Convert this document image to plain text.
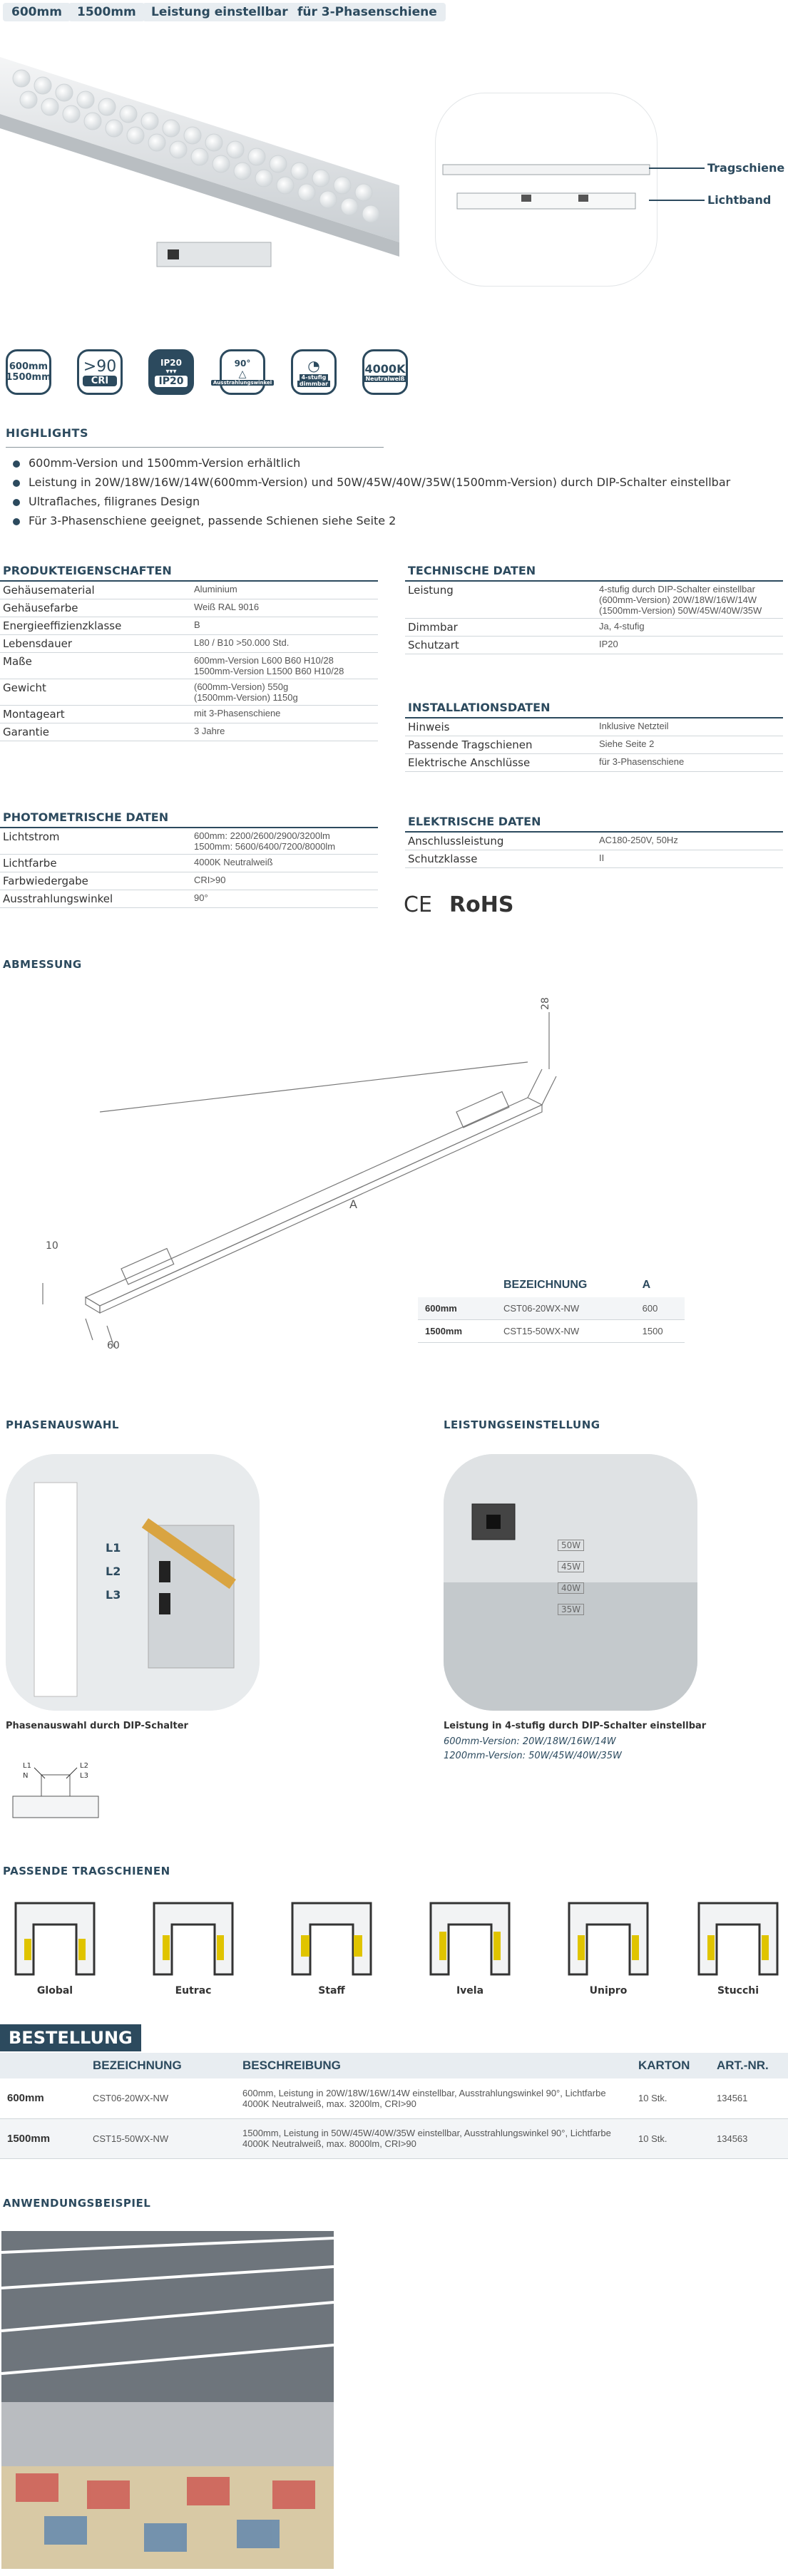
600mm	1500mm	Leistung einstellbar für 3-Phasenschiene
Tragschiene
Lichtband
600mm
1500mm
>90
CRI
IP20
▾▾▾
IP20
90°
△
Ausstrahlungswinkel
◔
4-stufig
dimmbar
4000K
Neutralweiß
HIGHLIGHTS
600mm-Version und 1500mm-Version erhältlich
Leistung in 20W/18W/16W/14W(600mm-Version) und 50W/45W/40W/35W(1500mm-Version) durch DIP-Schalter einstellbar
Ultraflaches, filigranes Design
Für 3-Phasenschiene geeignet, passende Schienen siehe Seite 2
PRODUKTEIGENSCHAFTEN	
Gehäusematerial	Aluminium
Gehäusefarbe	Weiß RAL 9016
Energieeffizienzklasse	B
Lebensdauer	L80 / B10 >50.000 Std.
Maße	600mm-Version L600 B60 H10/28
1500mm-Version L1500 B60 H10/28
Gewicht	(600mm-Version) 550g
(1500mm-Version) 1150g
Montageart	mit 3-Phasenschiene
Garantie	3 Jahre
TECHNISCHE DATEN	
Leistung	4-stufig durch DIP-Schalter einstellbar
(600mm-Version) 20W/18W/16W/14W
(1500mm-Version) 50W/45W/40W/35W
Dimmbar	Ja, 4-stufig
Schutzart	IP20
INSTALLATIONSDATEN	
Hinweis	Inklusive Netzteil
Passende Tragschienen	Siehe Seite 2
Elektrische Anschlüsse	für 3-Phasenschiene
PHOTOMETRISCHE DATEN	
Lichtstrom	600mm: 2200/2600/2900/3200lm
1500mm: 5600/6400/7200/8000lm
Lichtfarbe	4000K Neutralweiß
Farbwiedergabe	CRI>90
Ausstrahlungswinkel	90°
ELEKTRISCHE DATEN	
Anschlussleistung	AC180-250V, 50Hz
Schutzklasse	II
CE RoHS
ABMESSUNG
28
A
10
60
	BEZEICHNUNG	A
600mm	CST06-20WX-NW	600
1500mm	CST15-50WX-NW	1500
PHASENAUSWAHL
L1
L2
L3
Phasenauswahl durch DIP-Schalter
L1
N
L2
L3
LEISTUNGSEINSTELLUNG
50W
45W
40W
35W
Leistung in 4-stufig durch DIP-Schalter einstellbar
600mm-Version: 20W/18W/16W/14W
1200mm-Version: 50W/45W/40W/35W
PASSENDE TRAGSCHIENEN
Global	Eutrac	Staff	Ivela	Unipro	Stucchi
BESTELLUNG
	BEZEICHNUNG	BESCHREIBUNG	KARTON	ART.-NR.
600mm	CST06-20WX-NW	600mm, Leistung in 20W/18W/16W/14W einstellbar, Ausstrahlungswinkel 90°, Lichtfarbe 4000K Neutralweiß, max. 3200lm, CRI>90	10 Stk.	134561
1500mm	CST15-50WX-NW	1500mm, Leistung in 50W/45W/40W/35W einstellbar, Ausstrahlungswinkel 90°, Lichtfarbe 4000K Neutralweiß, max. 8000lm, CRI>90	10 Stk.	134563
ANWENDUNGSBEISPIEL
